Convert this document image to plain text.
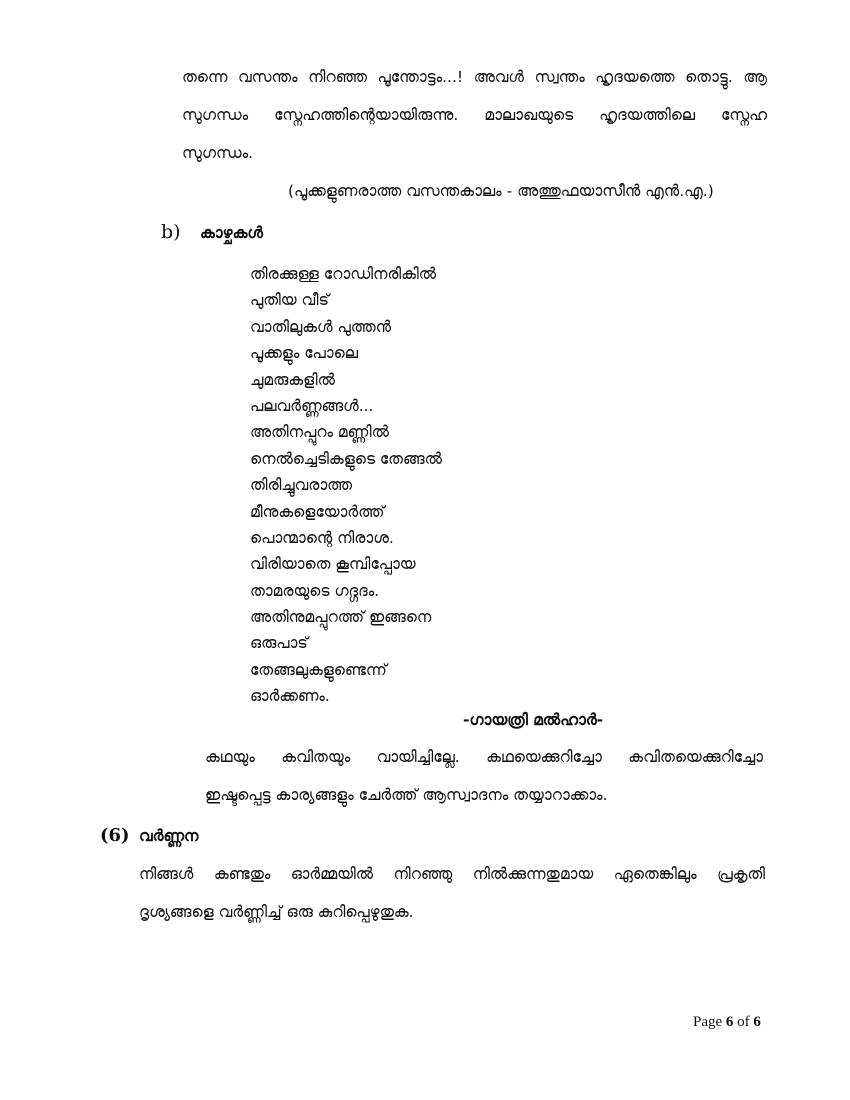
തന്നെ വസന്തം നിറഞ്ഞ പൂന്തോട്ടം...! അവൾ സ്വന്തം ഹൃദയത്തെ തൊട്ടു. ആ
സുഗന്ധം സ്നേഹത്തിന്റെയായിരുന്നു. മാലാഖയുടെ ഹൃദയത്തിലെ സ്നേഹ
സുഗന്ധം.
(പൂക്കളുണരാത്ത വസന്തകാലം - അത്തുഫയാസീൻ എൻ.എ.)
b) കാഴ്ചകൾ
തിരക്കുള്ള റോഡിനരികിൽ
പുതിയ വീട്
വാതിലുകൾ പുത്തൻ
പൂക്കളും പോലെ
ചുമരുകളിൽ
പലവർണ്ണങ്ങൾ...
അതിനപ്പുറം മണ്ണിൽ
നെൽച്ചെടികളുടെ തേങ്ങൽ
തിരിച്ചുവരാത്ത
മീനുകളെയോർത്ത്
പൊന്മാന്റെ നിരാശ.
വിരിയാതെ കൂമ്പിപ്പോയ
താമരയുടെ ഗദ്ഗദം.
അതിനുമപ്പുറത്ത് ഇങ്ങനെ
ഒരുപാട്
തേങ്ങലുകളുണ്ടെന്ന്
ഓർക്കണം.
-ഗായത്രി മൽഹാർ-
കഥയും കവിതയും വായിച്ചില്ലേ. കഥയെക്കുറിച്ചോ കവിതയെക്കുറിച്ചോ
ഇഷ്ടപ്പെട്ട കാര്യങ്ങളും ചേർത്ത് ആസ്വാദനം തയ്യാറാക്കാം.
(6) വർണ്ണന
നിങ്ങൾ കണ്ടതും ഓർമ്മയിൽ നിറഞ്ഞു നിൽക്കുന്നതുമായ ഏതെങ്കിലും പ്രകൃതി
ദൃശ്യങ്ങളെ വർണ്ണിച്ച് ഒരു കുറിപ്പെഴുതുക.
Page 6 of 6
